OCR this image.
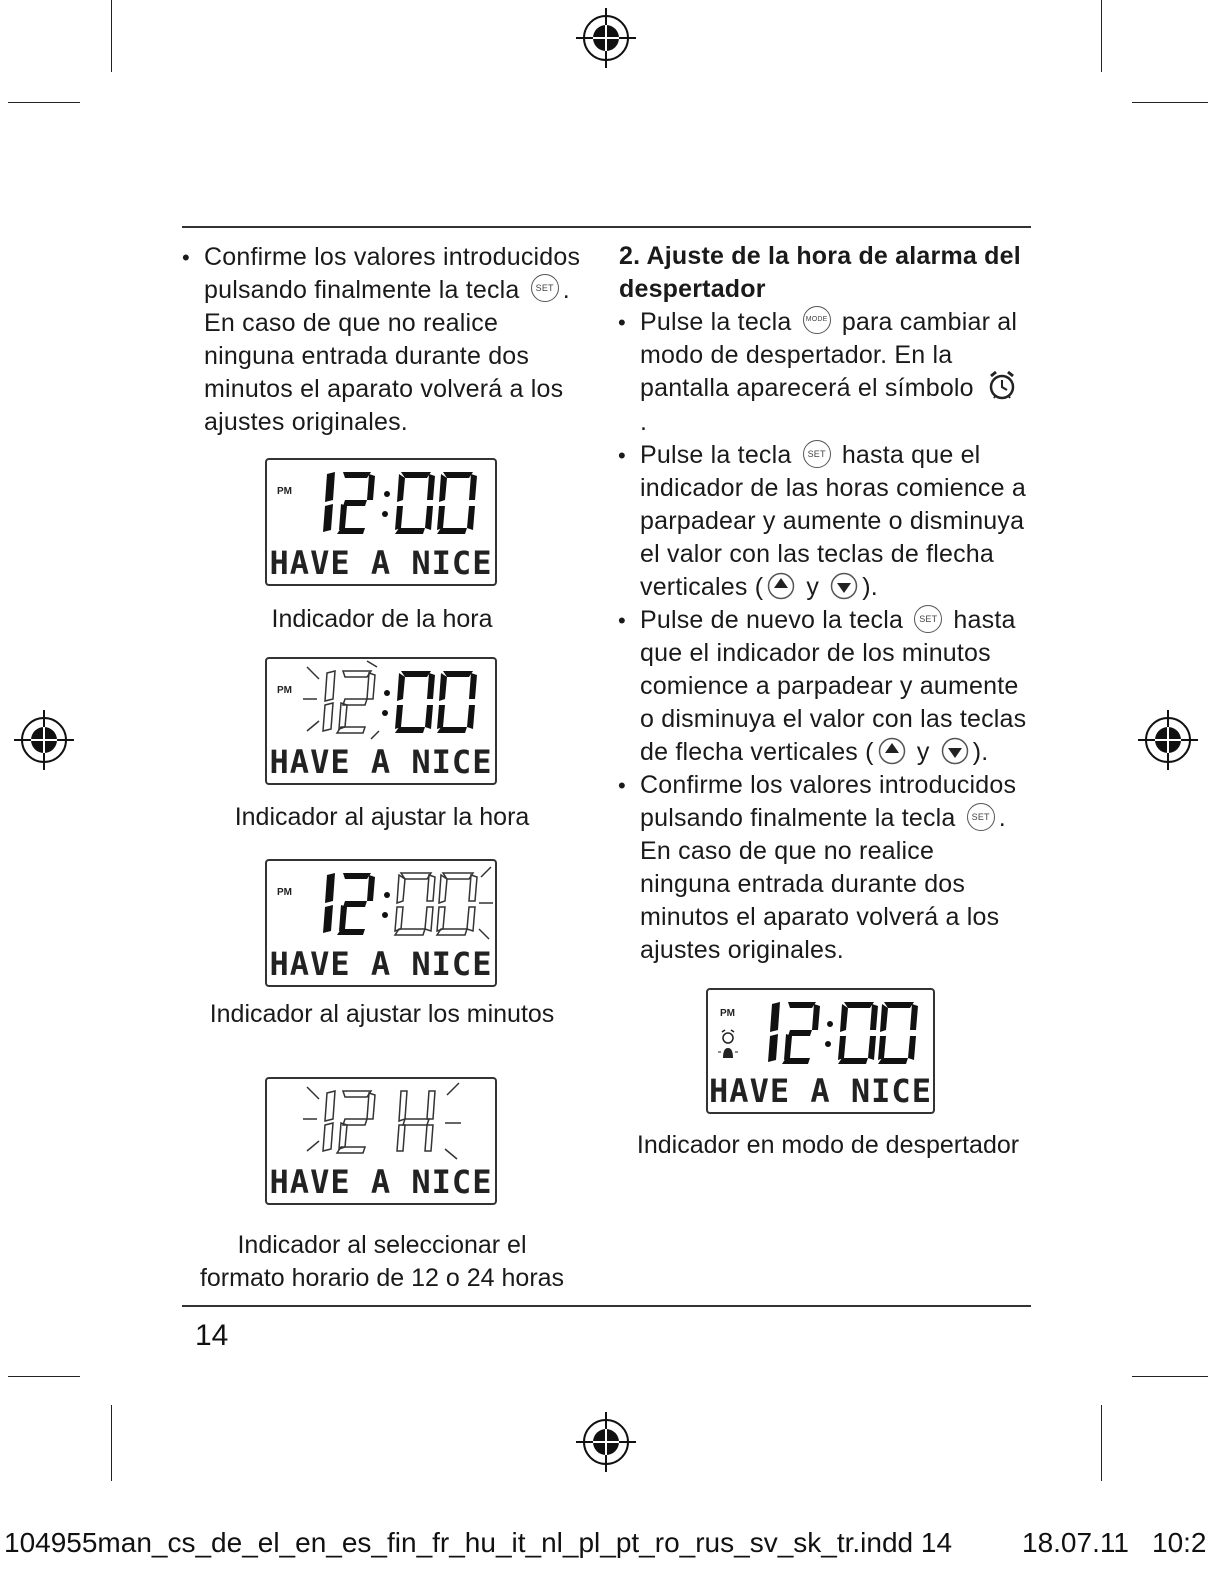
• Confirme los valores introducidos pulsando finalmente la tecla SET . En caso de que no realice ninguna entrada durante dos minutos el aparato volverá a los ajustes originales.

PM
HAVE A NICE
Indicador de la hora
PM
HAVE A NICE
Indicador al ajustar la hora
PM
HAVE A NICE
Indicador al ajustar los minutos
HAVE A NICE
Indicador al seleccionar el
formato horario de 12 o 24 horas
2. Ajuste de la hora de alarma del
despertador

• Pulse la tecla MODE para cambiar al modo de despertador. En la pantalla aparecerá el símbolo .

• Pulse la tecla SET hasta que el indicador de las horas comience a parpadear y aumente o disminuya el valor con las teclas de flecha verticales ( y ).

• Pulse de nuevo la tecla SET hasta que el indicador de los minutos comience a parpadear y aumente o disminuya el valor con las teclas de flecha verticales ( y ).

• Confirme los valores introducidos pulsando finalmente la tecla SET . En caso de que no realice ninguna entrada durante dos minutos el aparato volverá a los ajustes originales.

PM
HAVE A NICE
Indicador en modo de despertador
14
104955man_cs_de_el_en_es_fin_fr_hu_it_nl_pl_pt_ro_rus_sv_sk_tr.indd 14 18.07.11 10:2
